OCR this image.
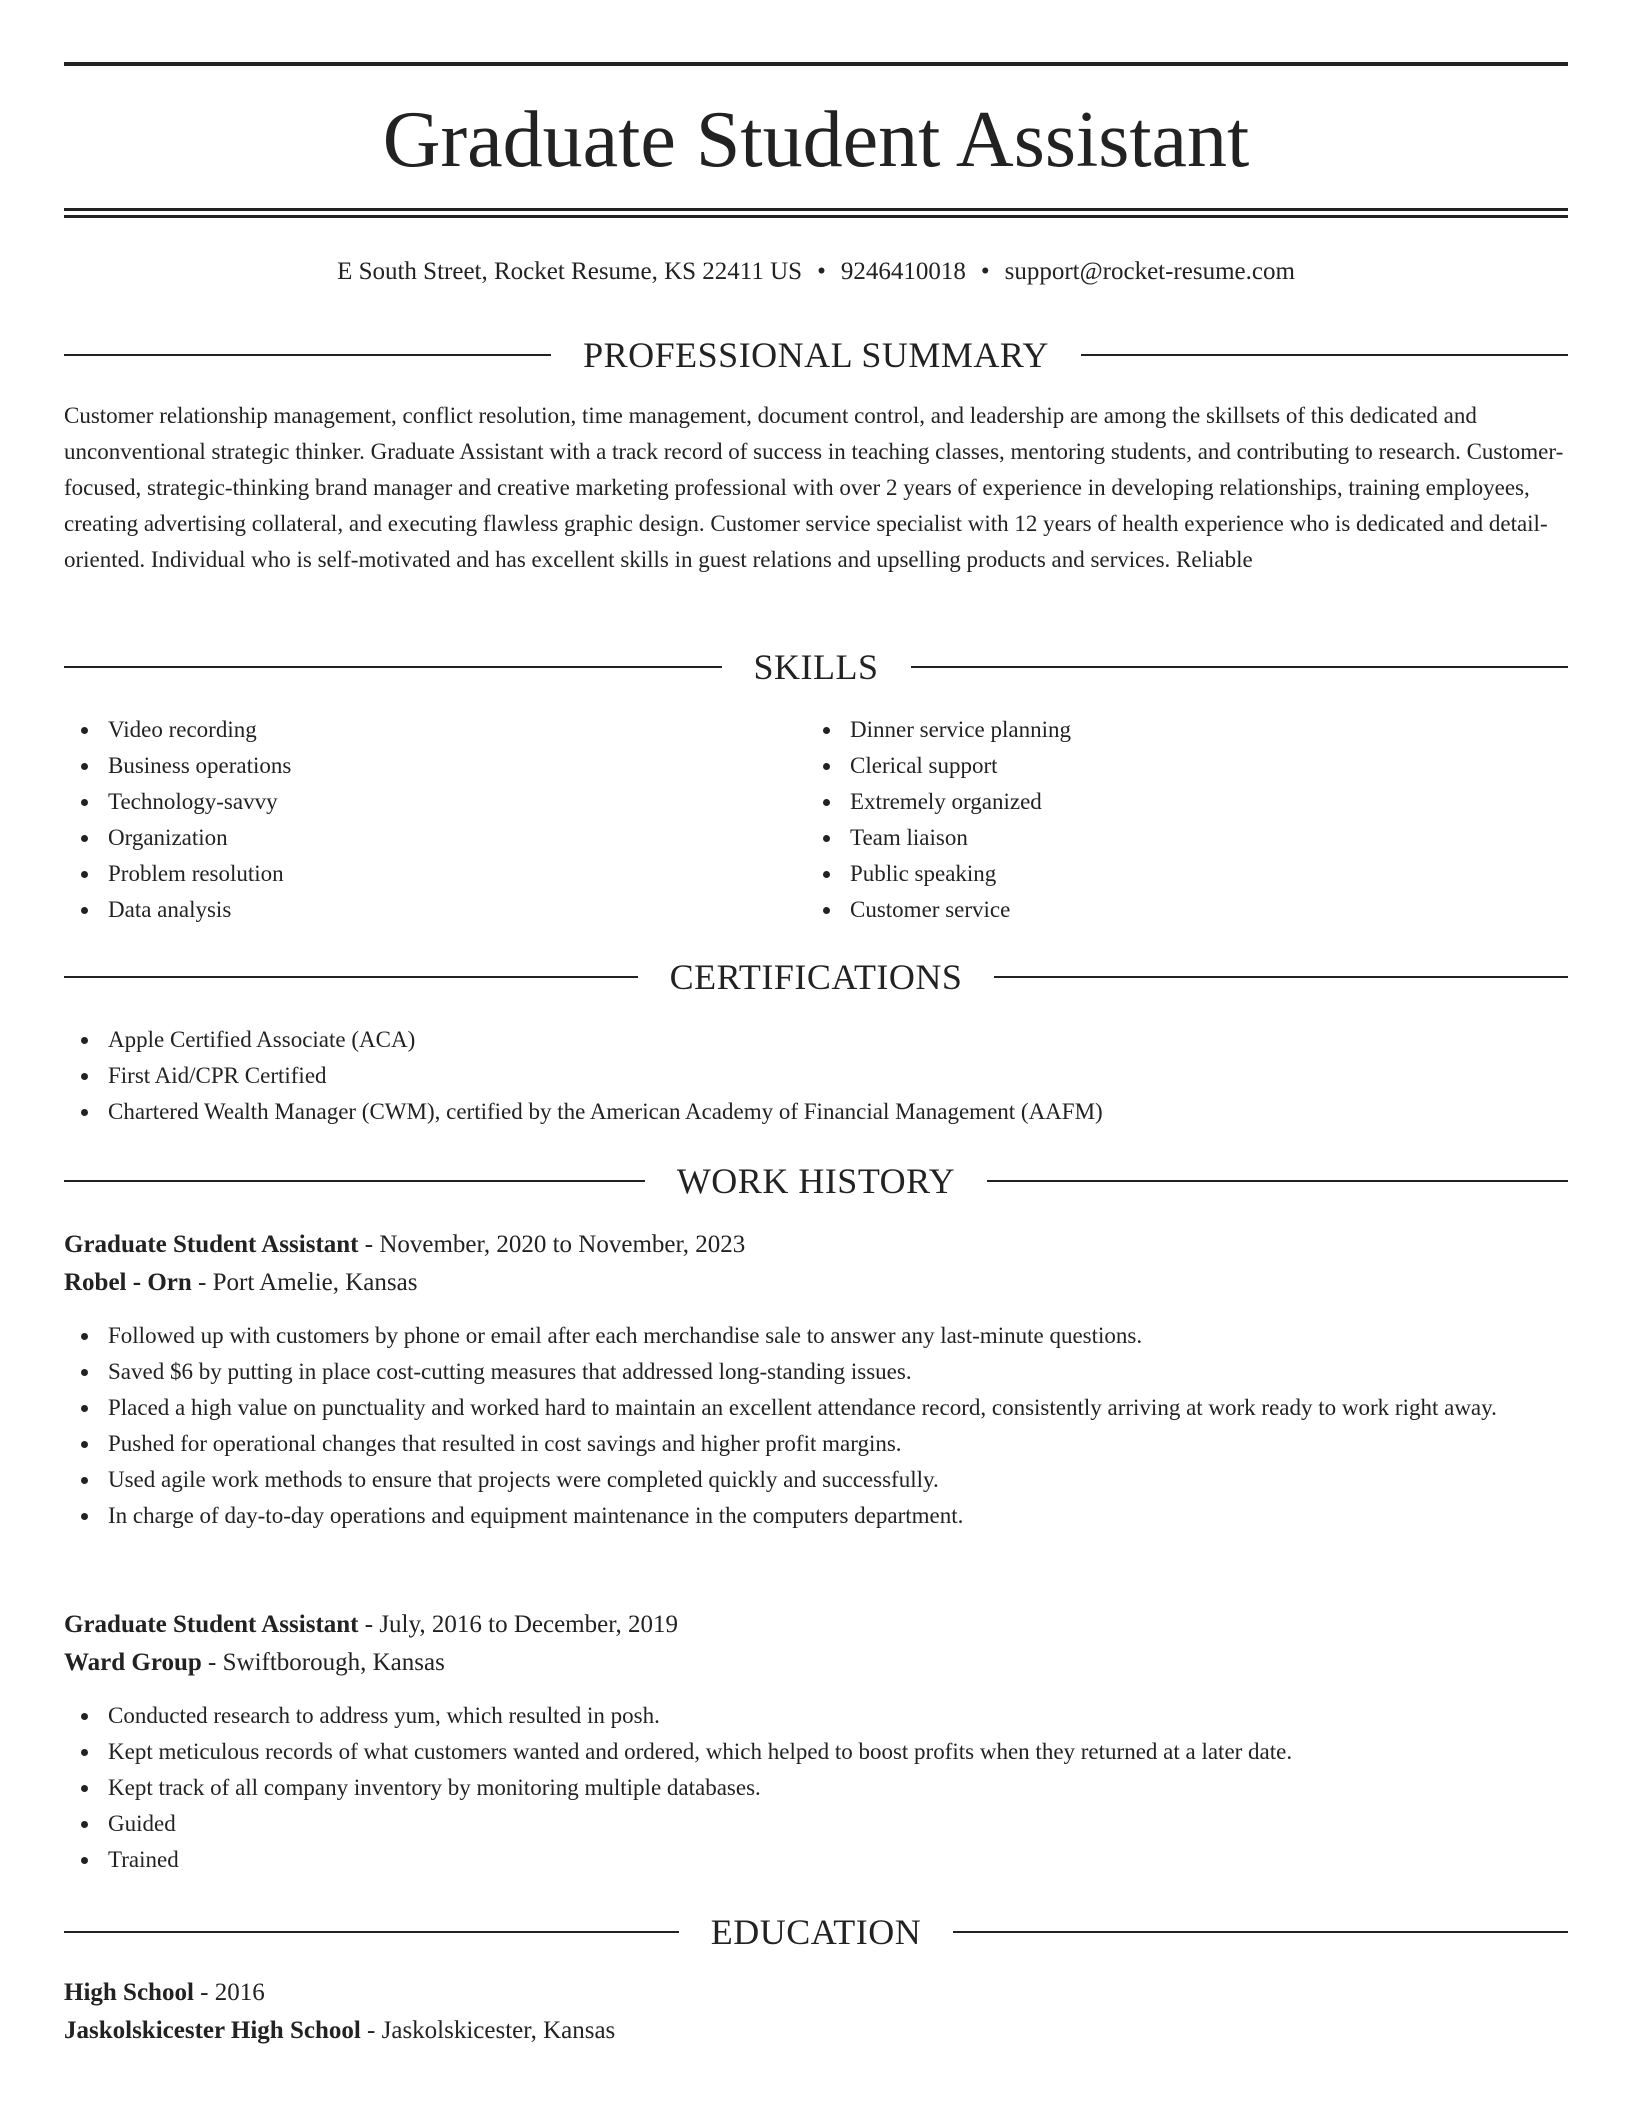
Graduate Student Assistant
E South Street, Rocket Resume, KS 22411 US • 9246410018 • support@rocket-resume.com
PROFESSIONAL SUMMARY

Customer relationship management, conflict resolution, time management, document control, and leadership are among the skillsets of this dedicated and unconventional strategic thinker. Graduate Assistant with a track record of success in teaching classes, mentoring students, and contributing to research. Customer-focused, strategic-thinking brand manager and creative marketing professional with over 2 years of experience in developing relationships, training employees, creating advertising collateral, and executing flawless graphic design. Customer service specialist with 12 years of health experience who is dedicated and detail-oriented. Individual who is self-motivated and has excellent skills in guest relations and upselling products and services. Reliable

SKILLS
Video recording
Business operations
Technology-savvy
Organization
Problem resolution
Data analysis
Dinner service planning
Clerical support
Extremely organized
Team liaison
Public speaking
Customer service
CERTIFICATIONS
Apple Certified Associate (ACA)
First Aid/CPR Certified
Chartered Wealth Manager (CWM), certified by the American Academy of Financial Management (AAFM)
WORK HISTORY
Graduate Student Assistant - November, 2020 to November, 2023
Robel - Orn - Port Amelie, Kansas
Followed up with customers by phone or email after each merchandise sale to answer any last-minute questions.
Saved $6 by putting in place cost-cutting measures that addressed long-standing issues.
Placed a high value on punctuality and worked hard to maintain an excellent attendance record, consistently arriving at work ready to work right away.
Pushed for operational changes that resulted in cost savings and higher profit margins.
Used agile work methods to ensure that projects were completed quickly and successfully.
In charge of day-to-day operations and equipment maintenance in the computers department.
Graduate Student Assistant - July, 2016 to December, 2019
Ward Group - Swiftborough, Kansas
Conducted research to address yum, which resulted in posh.
Kept meticulous records of what customers wanted and ordered, which helped to boost profits when they returned at a later date.
Kept track of all company inventory by monitoring multiple databases.
Guided
Trained
EDUCATION
High School - 2016
Jaskolskicester High School - Jaskolskicester, Kansas
